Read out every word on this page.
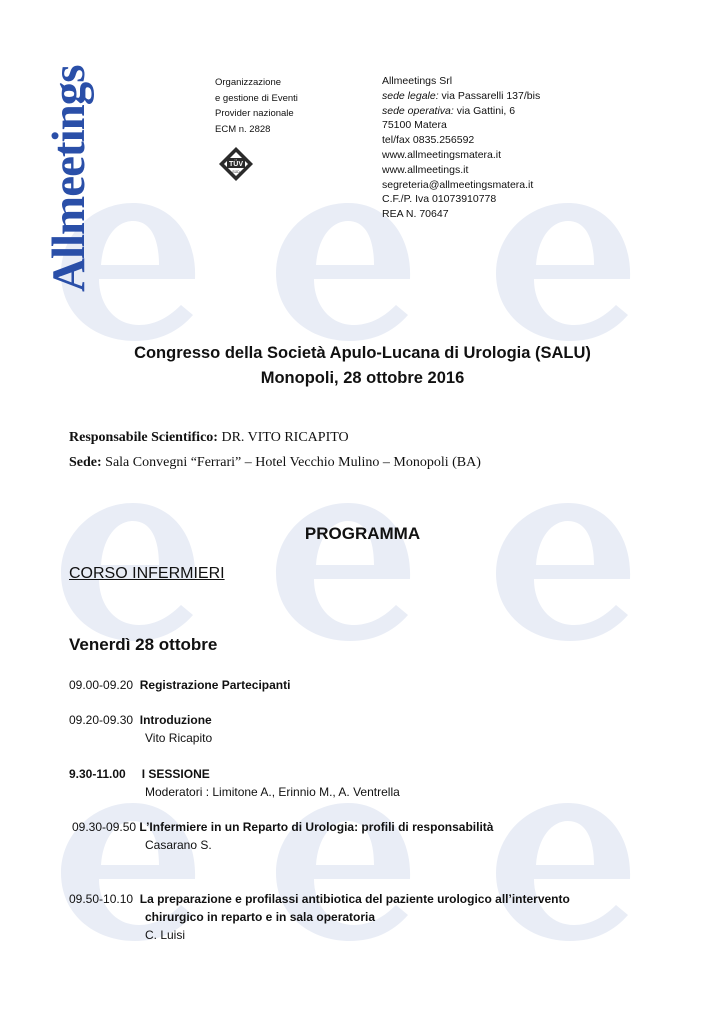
Allmeetings	Organizzazione
e gestione di Eventi
Provider nazionale
ECM n. 2828
TÜV
SÜD
Allmeetings Srl
sede legale: via Passarelli 137/bis
sede operativa: via Gattini, 6
75100 Matera
tel/fax 0835.256592
www.allmeetingsmatera.it
www.allmeetings.it
segreteria@allmeetingsmatera.it
C.F./P. Iva 01073910778
REA N. 70647
Congresso della Società Apulo-Lucana di Urologia (SALU)
Monopoli, 28 ottobre 2016
Responsabile Scientifico: DR. VITO RICAPITO
Sede: Sala Convegni “Ferrari” – Hotel Vecchio Mulino – Monopoli (BA)
PROGRAMMA
CORSO INFERMIERI
Venerdì 28 ottobre
09.00-09.20 Registrazione Partecipanti
09.20-09.30 Introduzione
Vito Ricapito
9.30-11.00 I SESSIONE
Moderatori : Limitone A., Erinnio M., A. Ventrella
09.30-09.50 L’Infermiere in un Reparto di Urologia: profili di responsabilità
Casarano S.
09.50-10.10 La preparazione e profilassi antibiotica del paziente urologico all’intervento
chirurgico in reparto e in sala operatoria
C. Luisi
